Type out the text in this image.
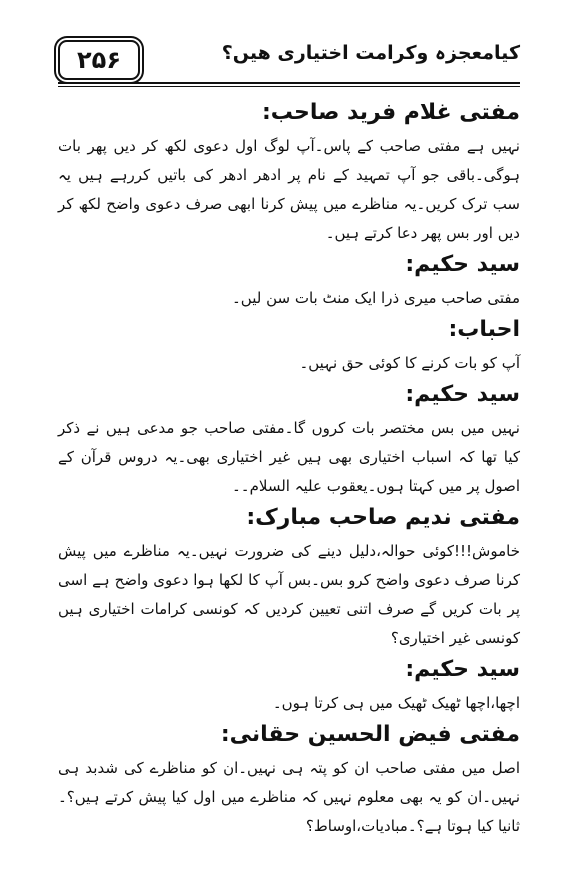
۲۵۶	کیامعجزہ وکرامت اختیاری ھیں؟
مفتی غلام فرید صاحب:
نہیں ہے مفتی صاحب کے پاس۔آپ لوگ اول دعوی لکھ کر دیں پھر بات ہوگی۔باقی جو آپ تمہید کے نام پر ادھر ادھر کی باتیں کررہے ہیں یہ سب ترک کریں۔یہ مناظرے میں پیش کرنا ابھی صرف دعوی واضح لکھ کر دیں اور بس پھر دعا کرتے ہیں۔
سید حکیم:
مفتی صاحب میری ذرا ایک منٹ بات سن لیں۔
احباب:
آپ کو بات کرنے کا کوئی حق نہیں۔
سید حکیم:
نہیں میں بس مختصر بات کروں گا۔مفتی صاحب جو مدعی ہیں نے ذکر کیا تھا کہ اسباب اختیاری بھی ہیں غیر اختیاری بھی۔یہ دروس قرآن کے اصول پر میں کہتا ہوں۔یعقوب علیہ السلام۔۔
مفتی ندیم صاحب مبارک:
خاموش!!!کوئی حوالہ،دلیل دینے کی ضرورت نہیں۔یہ مناظرے میں پیش کرنا صرف دعوی واضح کرو بس۔بس آپ کا لکھا ہوا دعوی واضح ہے اسی پر بات کریں گے صرف اتنی تعیین کردیں کہ کونسی کرامات اختیاری ہیں کونسی غیر اختیاری؟
سید حکیم:
اچھا،اچھا ٹھیک ٹھیک میں ہی کرتا ہوں۔
مفتی فیض الحسین حقانی:
اصل میں مفتی صاحب ان کو پتہ ہی نہیں۔ان کو مناظرے کی شدبد ہی نہیں۔ان کو یہ بھی معلوم نہیں کہ مناظرے میں اول کیا پیش کرتے ہیں؟۔ثانیا کیا ہوتا ہے؟۔مبادیات،اوساط؟
